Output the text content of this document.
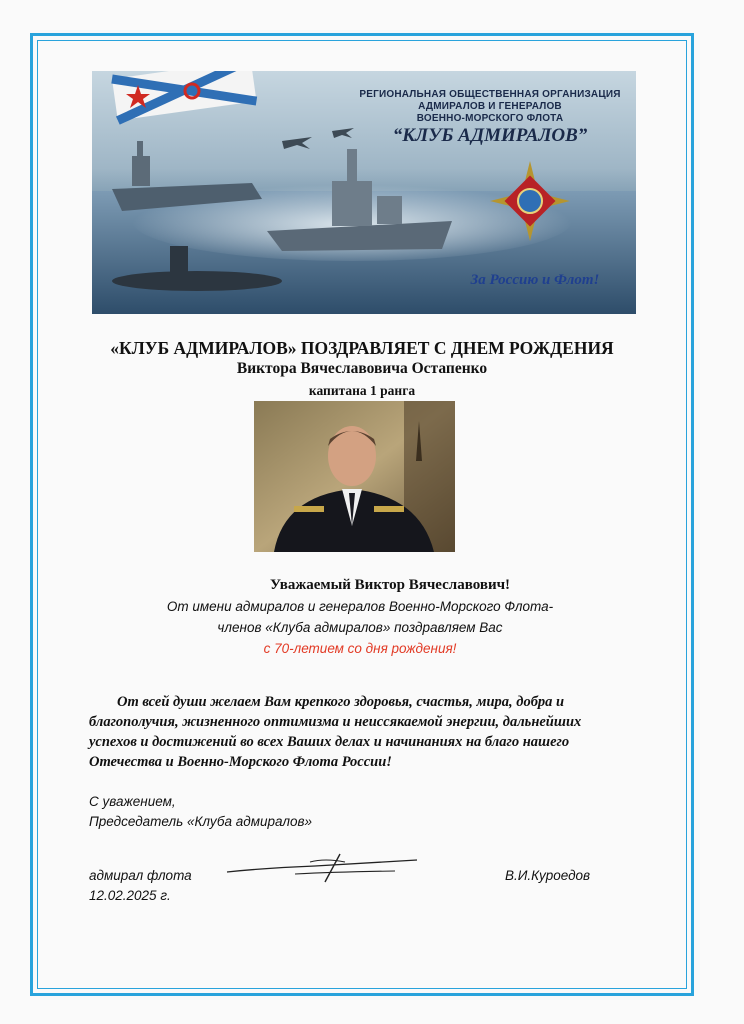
РЕГИОНАЛЬНАЯ ОБЩЕСТВЕННАЯ ОРГАНИЗАЦИЯ
АДМИРАЛОВ И ГЕНЕРАЛОВ
ВОЕННО-МОРСКОГО ФЛОТА
“КЛУБ АДМИРАЛОВ”
За Россию и Флот!
«КЛУБ АДМИРАЛОВ» ПОЗДРАВЛЯЕТ С ДНЕМ РОЖДЕНИЯ
Виктора Вячеславовича Остапенко
капитана 1 ранга
Уважаемый Виктор Вячеславович!
От имени адмиралов и генералов Военно-Морского Флота-
членов «Клуба адмиралов» поздравляем Вас
с 70-летием со дня рождения!

От всей души желаем Вам крепкого здоровья, счастья, мира, добра и

благополучия, жизненного оптимизма и неиссякаемой энергии, дальнейших

успехов и достижений во всех Ваших делах и начинаниях на благо нашего

Отечества и Военно-Морского Флота России!

С уважением,
Председатель «Клуба адмиралов»
адмирал флота
12.02.2025 г.
В.И.Куроедов
